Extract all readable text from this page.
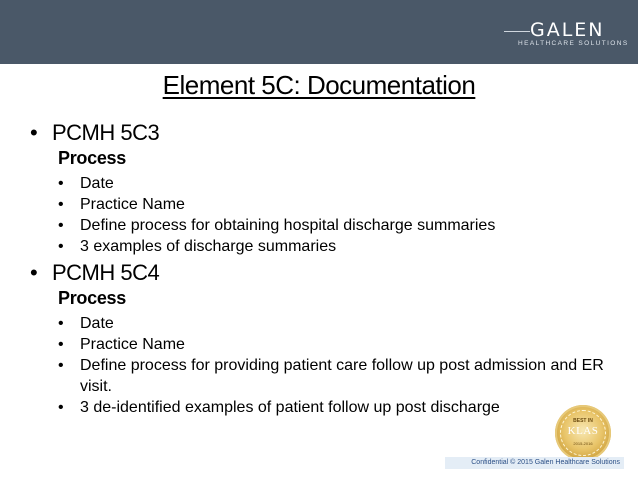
GALEN
HEALTHCARE SOLUTIONS
Element 5C: Documentation
• PCMH 5C3
Process
• Date
• Practice Name
• Define process for obtaining hospital discharge summaries
• 3 examples of discharge summaries
• PCMH 5C4
Process
• Date
• Practice Name
• Define process for providing patient care follow up post admission and ER visit.
• 3 de-identified examples of patient follow up post discharge
BEST IN
KLAS
2015-2016
Confidential © 2015 Galen Healthcare Solutions
